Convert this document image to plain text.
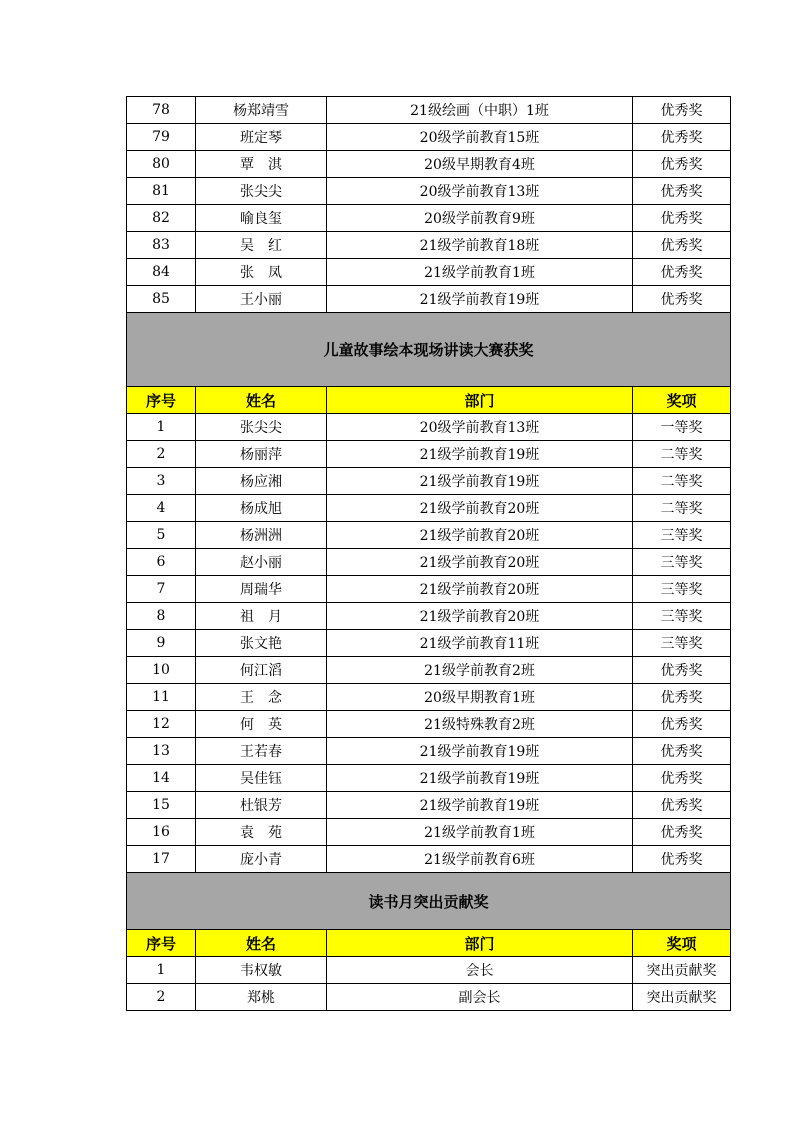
78	杨郑靖雪	21级绘画（中职）1班	优秀奖
79	班定琴	20级学前教育15班	优秀奖
80	覃　淇	20级早期教育4班	优秀奖
81	张尖尖	20级学前教育13班	优秀奖
82	喻良玺	20级学前教育9班	优秀奖
83	吴　红	21级学前教育18班	优秀奖
84	张　凤	21级学前教育1班	优秀奖
85	王小丽	21级学前教育19班	优秀奖
儿童故事绘本现场讲读大赛获奖			
序号	姓名	部门	奖项
1	张尖尖	20级学前教育13班	一等奖
2	杨丽萍	21级学前教育19班	二等奖
3	杨应湘	21级学前教育19班	二等奖
4	杨成旭	21级学前教育20班	二等奖
5	杨洲洲	21级学前教育20班	三等奖
6	赵小丽	21级学前教育20班	三等奖
7	周瑞华	21级学前教育20班	三等奖
8	祖　月	21级学前教育20班	三等奖
9	张文艳	21级学前教育11班	三等奖
10	何江滔	21级学前教育2班	优秀奖
11	王　念	20级早期教育1班	优秀奖
12	何　英	21级特殊教育2班	优秀奖
13	王若春	21级学前教育19班	优秀奖
14	吴佳钰	21级学前教育19班	优秀奖
15	杜银芳	21级学前教育19班	优秀奖
16	袁　苑	21级学前教育1班	优秀奖
17	庞小青	21级学前教育6班	优秀奖
读书月突出贡献奖			
序号	姓名	部门	奖项
1	韦权敏	会长	突出贡献奖
2	郑桃	副会长	突出贡献奖
